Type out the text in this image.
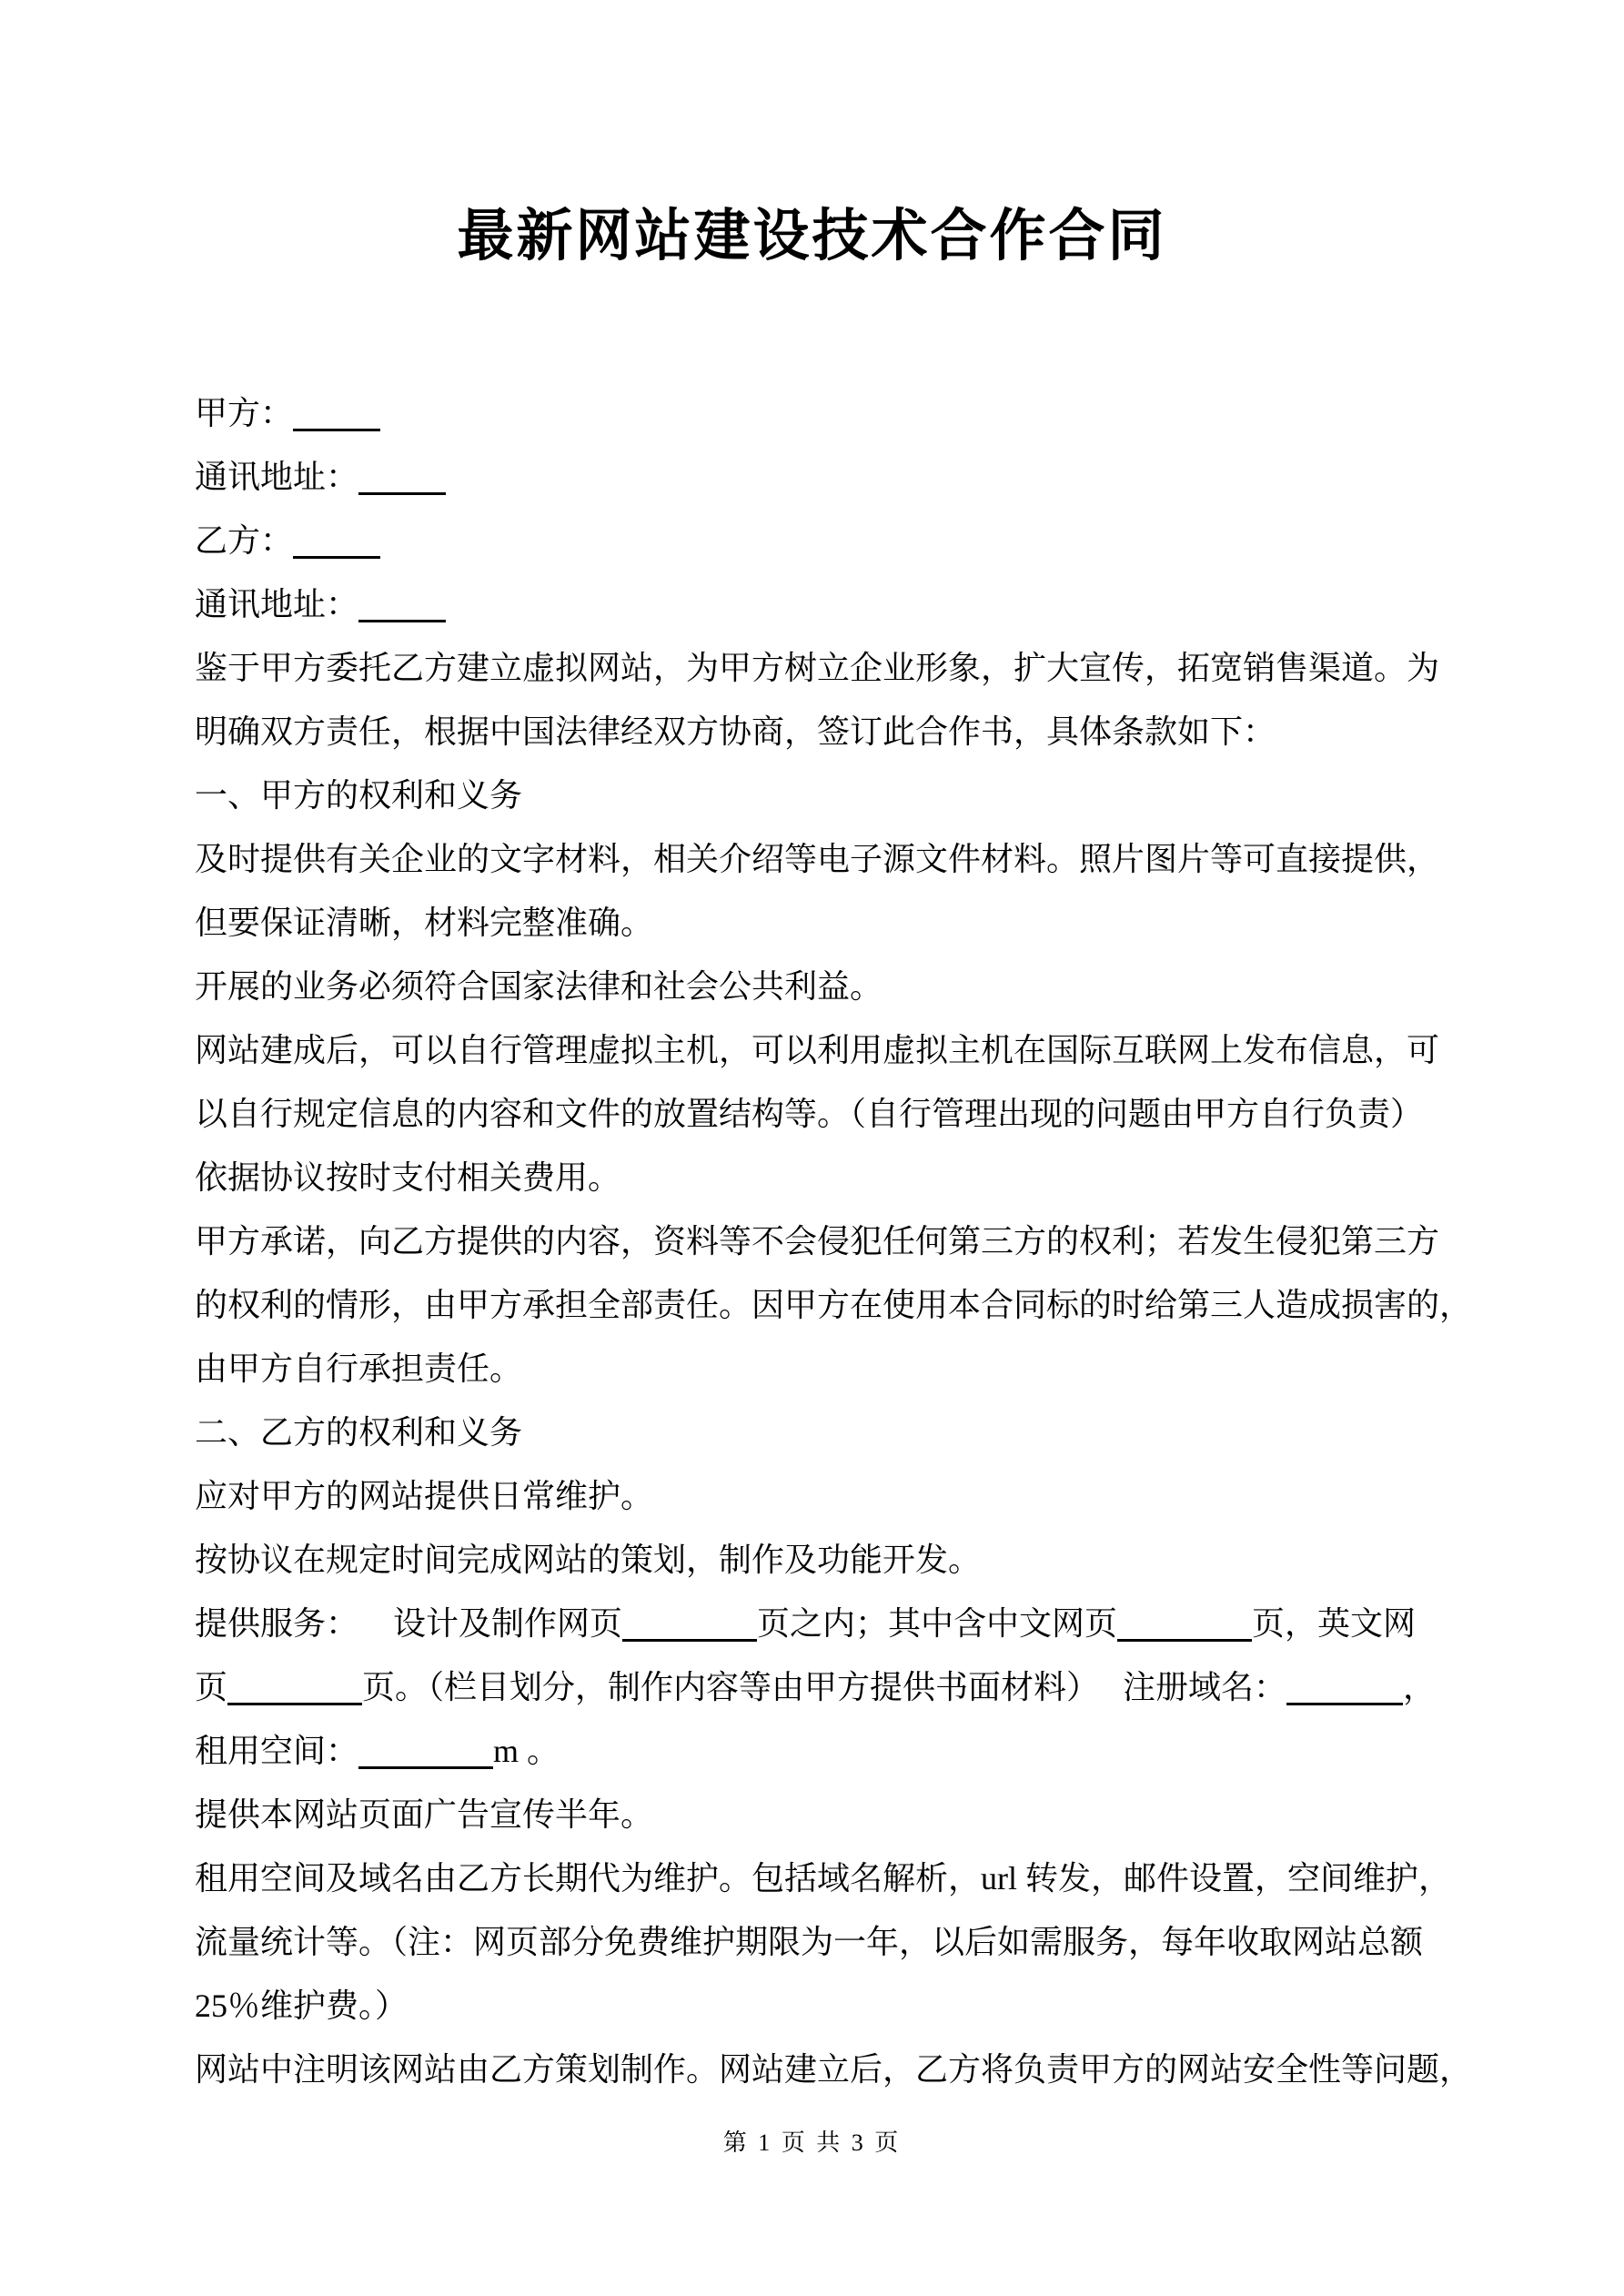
最新网站建设技术合作合同
甲方：
通讯地址：
乙方：
通讯地址：
鉴于甲方委托乙方建立虚拟网站，为甲方树立企业形象，扩大宣传，拓宽销售渠道。为
明确双方责任，根据中国法律经双方协商，签订此合作书，具体条款如下：
一、甲方的权利和义务
及时提供有关企业的文字材料，相关介绍等电子源文件材料。照片图片等可直接提供，
但要保证清晰，材料完整准确。
开展的业务必须符合国家法律和社会公共利益。
网站建成后，可以自行管理虚拟主机，可以利用虚拟主机在国际互联网上发布信息，可
以自行规定信息的内容和文件的放置结构等。（自行管理出现的问题由甲方自行负责）
依据协议按时支付相关费用。
甲方承诺，向乙方提供的内容，资料等不会侵犯任何第三方的权利；若发生侵犯第三方
的权利的情形，由甲方承担全部责任。因甲方在使用本合同标的时给第三人造成损害的，
由甲方自行承担责任。
二、乙方的权利和义务
应对甲方的网站提供日常维护。
按协议在规定时间完成网站的策划，制作及功能开发。
提供服务： 设计及制作网页	页之内；其中含中文网页	页，英文网
页	页。（栏目划分，制作内容等由甲方提供书面材料） 注册域名：	，
租用空间：	m 。
提供本网站页面广告宣传半年。
租用空间及域名由乙方长期代为维护。包括域名解析，url 转发，邮件设置，空间维护，
流量统计等。（注：网页部分免费维护期限为一年，以后如需服务，每年收取网站总额
25％维护费。）
网站中注明该网站由乙方策划制作。网站建立后，乙方将负责甲方的网站安全性等问题，
第 1 页 共 3 页
